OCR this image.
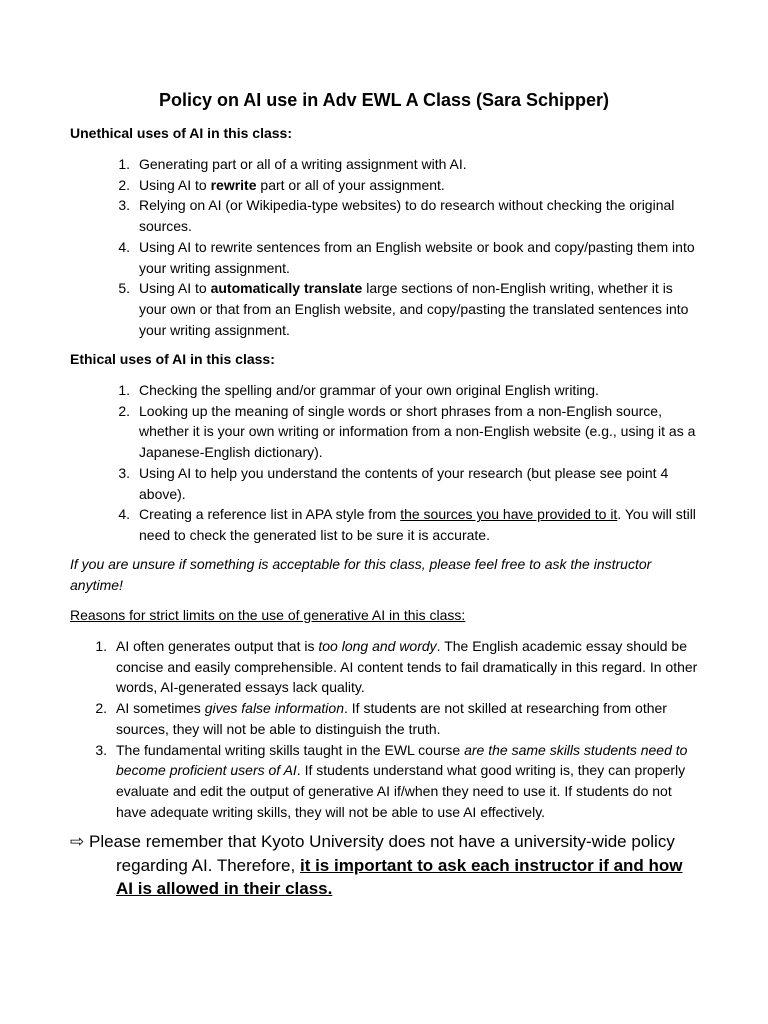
Policy on AI use in Adv EWL A Class (Sara Schipper)
Unethical uses of AI in this class:
1. Generating part or all of a writing assignment with AI.
2. Using AI to rewrite part or all of your assignment.
3. Relying on AI (or Wikipedia-type websites) to do research without checking the original sources.
4. Using AI to rewrite sentences from an English website or book and copy/pasting them into your writing assignment.
5. Using AI to automatically translate large sections of non-English writing, whether it is your own or that from an English website, and copy/pasting the translated sentences into your writing assignment.
Ethical uses of AI in this class:
1. Checking the spelling and/or grammar of your own original English writing.
2. Looking up the meaning of single words or short phrases from a non-English source, whether it is your own writing or information from a non-English website (e.g., using it as a Japanese-English dictionary).
3. Using AI to help you understand the contents of your research (but please see point 4 above).
4. Creating a reference list in APA style from the sources you have provided to it. You will still need to check the generated list to be sure it is accurate.
If you are unsure if something is acceptable for this class, please feel free to ask the instructor anytime!
Reasons for strict limits on the use of generative AI in this class:
1. AI often generates output that is too long and wordy. The English academic essay should be concise and easily comprehensible. AI content tends to fail dramatically in this regard. In other words, AI-generated essays lack quality.
2. AI sometimes gives false information. If students are not skilled at researching from other sources, they will not be able to distinguish the truth.
3. The fundamental writing skills taught in the EWL course are the same skills students need to become proficient users of AI. If students understand what good writing is, they can properly evaluate and edit the output of generative AI if/when they need to use it. If students do not have adequate writing skills, they will not be able to use AI effectively.
⇨ Please remember that Kyoto University does not have a university-wide policy regarding AI. Therefore, it is important to ask each instructor if and how AI is allowed in their class.
